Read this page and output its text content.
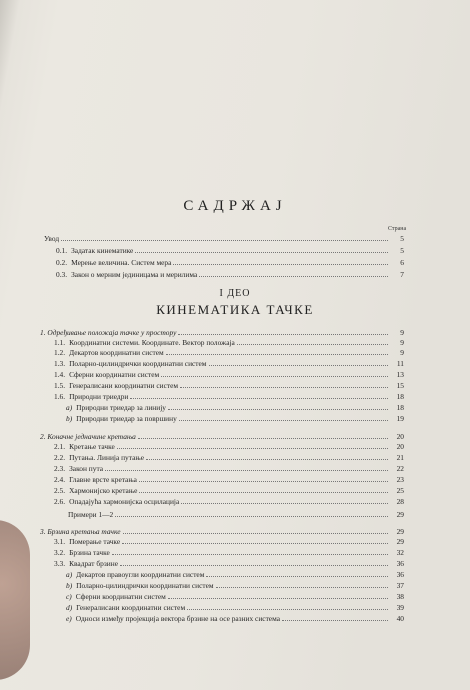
САДРЖАЈ
Страна
Увод	5
0.1. Задатак кинематике	5
0.2. Мерење величина. Систем мера	6
0.3. Закон о мерним јединицама и мерилима	7
I ДЕО
КИНЕМАТИКА ТАЧКЕ
1. Одређивање положаја тачке у простору	9
1.1. Координатни системи. Координате. Вектор положаја	9
1.2. Декартов координатни систем	9
1.3. Поларно-цилиндрички координатни систем	11
1.4. Сферни координатни систем	13
1.5. Генералисани координатни систем	15
1.6. Природни триедри	18
a) Природни триедар за линију	18
b) Природни триедар за површину	19
2. Коначне једначине кретања	20
2.1. Кретање тачке	20
2.2. Путања. Линија путање	21
2.3. Закон пута	22
2.4. Главне врсте кретања	23
2.5. Хармонијско кретање	25
2.6. Опадајућа хармонијска осцилација	28
Примери 1—2	29
3. Брзина кретања тачке	29
3.1. Померање тачке	29
3.2. Брзина тачке	32
3.3. Квадрат брзине	36
a) Декартов правоугли координатни систем	36
b) Поларно-цилиндрички координатни систем	37
c) Сферни координатни систем	38
d) Генералисани координатни систем	39
e) Односи између пројекција вектора брзине на осе разних система	40
